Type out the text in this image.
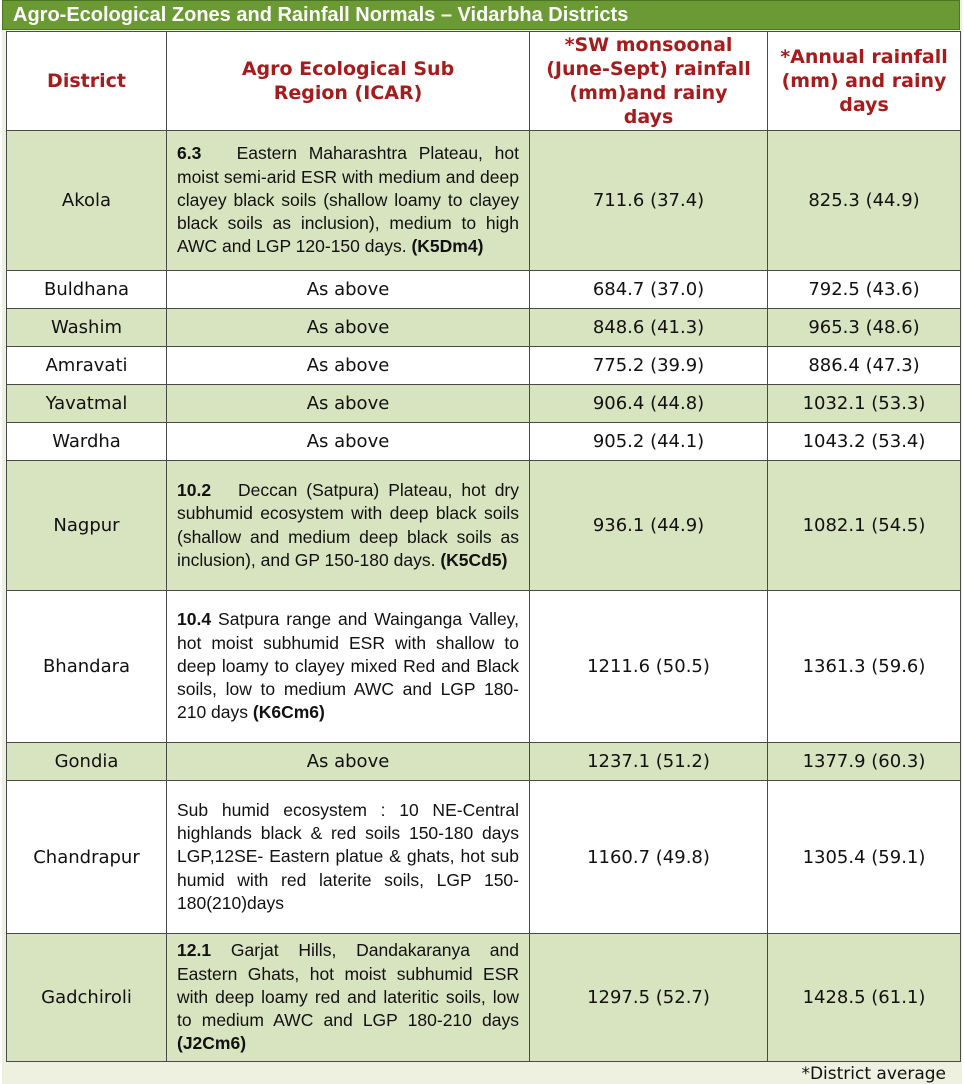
Agro-Ecological Zones and Rainfall Normals – Vidarbha Districts
District	Agro Ecological Sub Region (ICAR)	*SW monsoonal (June-Sept) rainfall (mm)and rainy days	*Annual rainfall (mm) and rainy days

Akola	6.3 Eastern Maharashtra Plateau, hot moist semi-arid ESR with medium and deep clayey black soils (shallow loamy to clayey black soils as inclusion), medium to high AWC and LGP 120-150 days. (K5Dm4)	711.6 (37.4)	825.3 (44.9)
Buldhana	As above	684.7 (37.0)	792.5 (43.6)
Washim	As above	848.6 (41.3)	965.3 (48.6)
Amravati	As above	775.2 (39.9)	886.4 (47.3)
Yavatmal	As above	906.4 (44.8)	1032.1 (53.3)
Wardha	As above	905.2 (44.1)	1043.2 (53.4)
Nagpur	10.2 Deccan (Satpura) Plateau, hot dry subhumid ecosystem with deep black soils (shallow and medium deep black soils as inclusion), and GP 150-180 days. (K5Cd5)	936.1 (44.9)	1082.1 (54.5)
Bhandara	10.4 Satpura range and Wainganga Valley, hot moist subhumid ESR with shallow to deep loamy to clayey mixed Red and Black soils, low to medium AWC and LGP 180-210 days (K6Cm6)	1211.6 (50.5)	1361.3 (59.6)
Gondia	As above	1237.1 (51.2)	1377.9 (60.3)
Chandrapur	Sub humid ecosystem : 10 NE-Central highlands black & red soils 150-180 days LGP,12SE- Eastern platue & ghats, hot sub humid with red laterite soils, LGP 150-180(210)days	1160.7 (49.8)	1305.4 (59.1)
Gadchiroli	12.1 Garjat Hills, Dandakaranya and Eastern Ghats, hot moist subhumid ESR with deep loamy red and lateritic soils, low to medium AWC and LGP 180-210 days (J2Cm6)	1297.5 (52.7)	1428.5 (61.1)
*District average
